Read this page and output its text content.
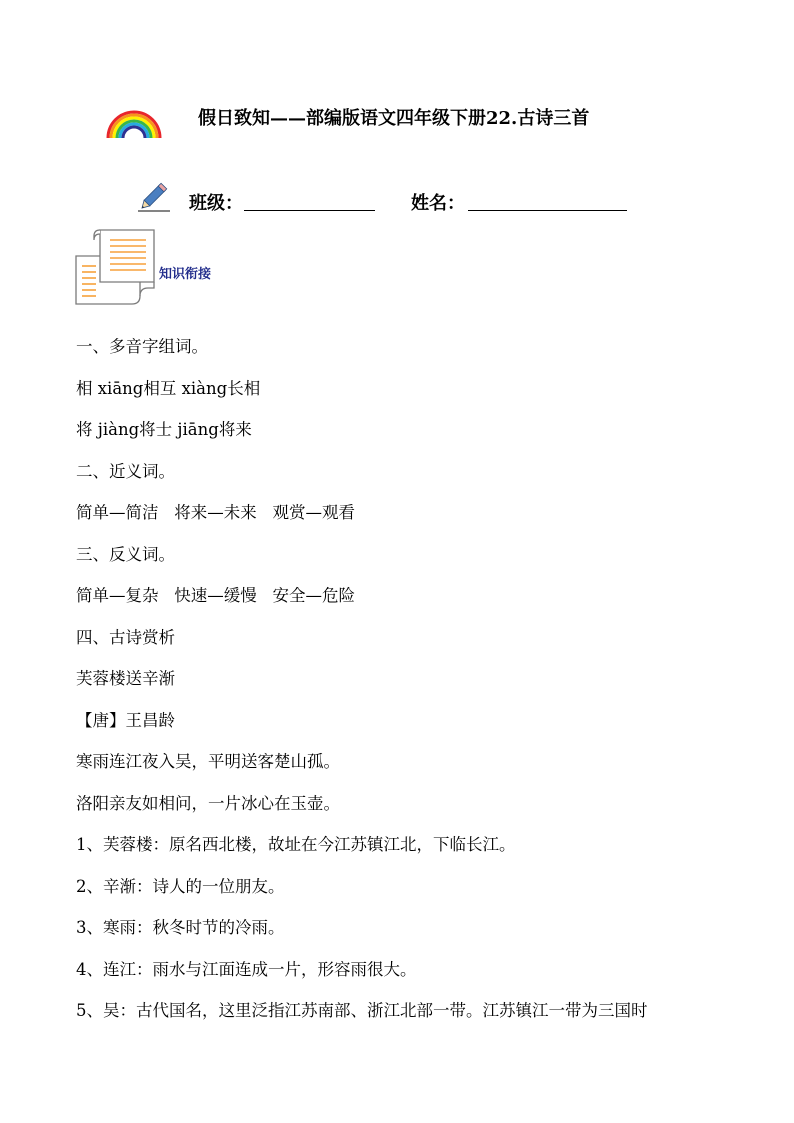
假日致知——部编版语文四年级下册22.古诗三首
班级：	姓名：
知识衔接
一、多音字组词。
相 xiāng相互 xiàng长相
将 jiàng将士 jiāng将来
二、近义词。
简单—简洁   将来—未来   观赏—观看
三、反义词。
简单—复杂   快速—缓慢   安全—危险
四、古诗赏析
芙蓉楼送辛渐
【唐】王昌龄
寒雨连江夜入吴，平明送客楚山孤。
洛阳亲友如相问，一片冰心在玉壶。
1、芙蓉楼：原名西北楼，故址在今江苏镇江北，下临长江。
2、辛渐：诗人的一位朋友。
3、寒雨：秋冬时节的冷雨。
4、连江：雨水与江面连成一片，形容雨很大。
5、吴：古代国名，这里泛指江苏南部、浙江北部一带。江苏镇江一带为三国时
